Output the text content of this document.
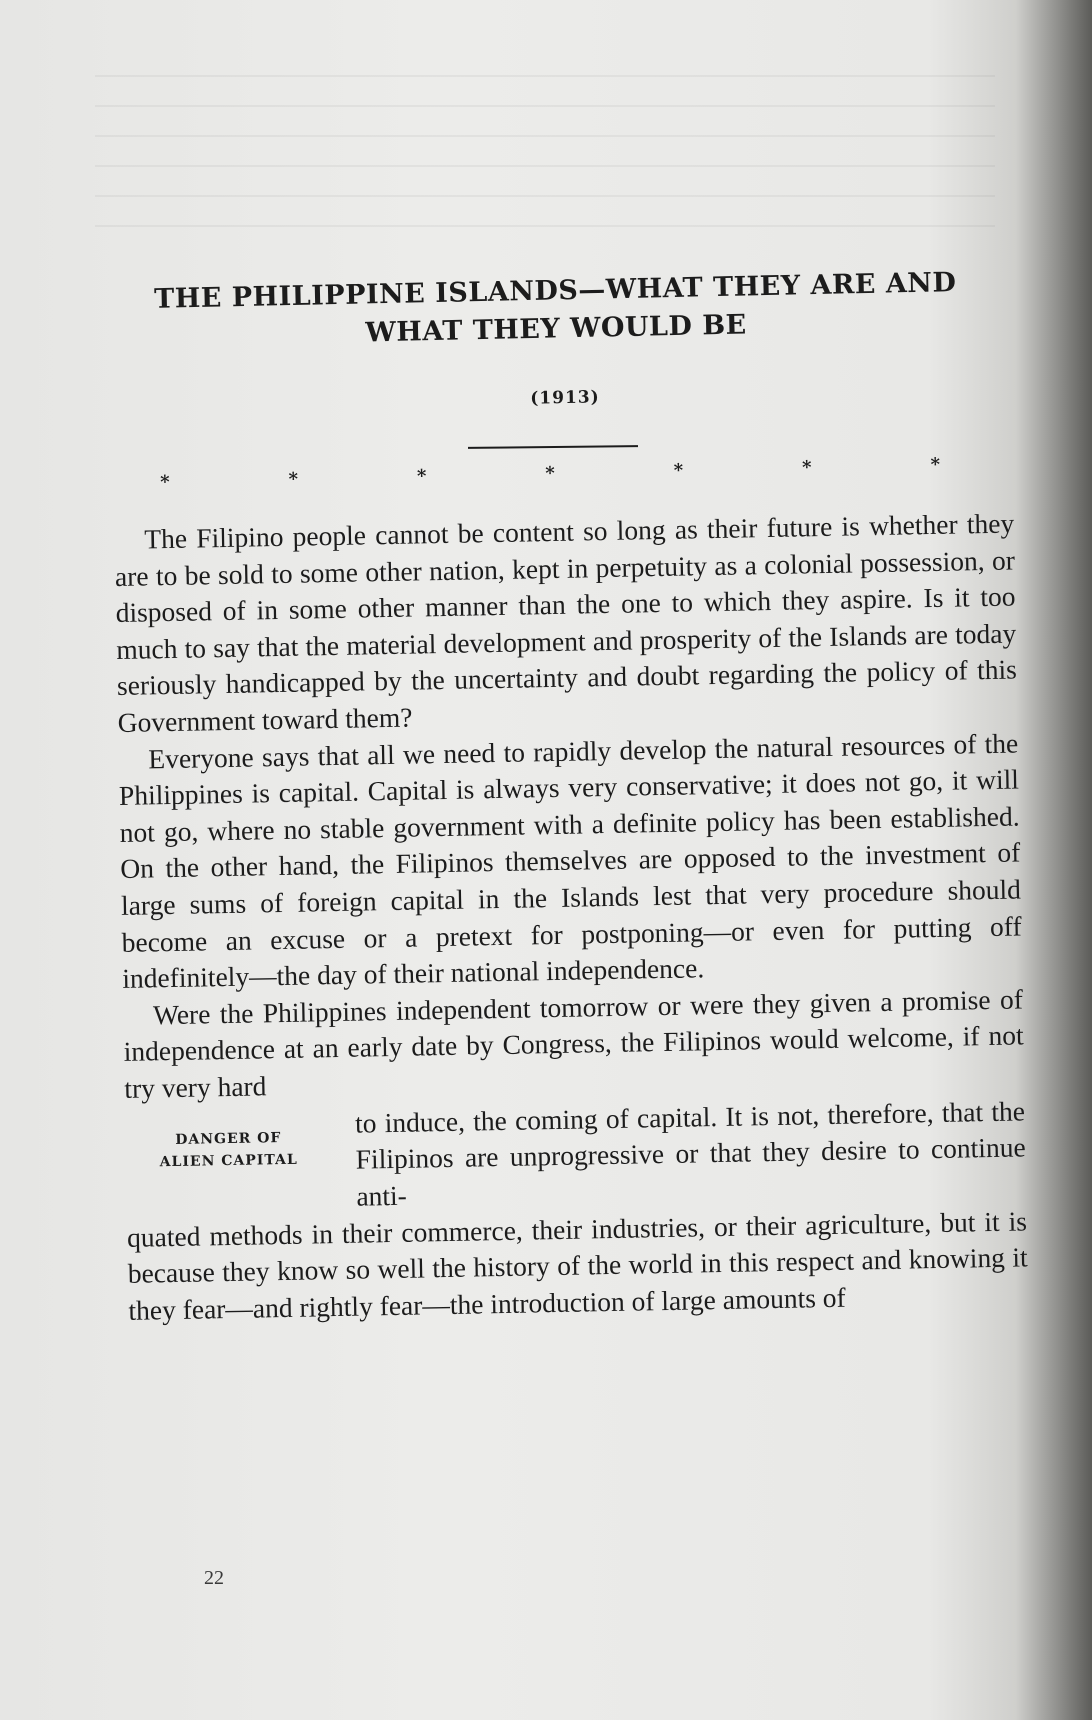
THE PHILIPPINE ISLANDS—WHAT THEY ARE AND
WHAT THEY WOULD BE
(1913)
*	*	*	*	*	*	*

The Filipino people cannot be content so long as their future is whether they are to be sold to some other nation, kept in perpetuity as a colonial possession, or disposed of in some other manner than the one to which they aspire. Is it too much to say that the material development and prosperity of the Islands are today seriously handicapped by the uncertainty and doubt regarding the policy of this Government toward them?

Everyone says that all we need to rapidly develop the natural resources of the Philippines is capital. Capital is always very conservative; it does not go, it will not go, where no stable government with a definite policy has been established. On the other hand, the Filipinos themselves are opposed to the investment of large sums of foreign capital in the Islands lest that very procedure should become an excuse or a pretext for postponing—or even for putting off indefinitely—the day of their national independence.

Were the Philippines independent tomorrow or were they given a promise of independence at an early date by Congress, the Filipinos would welcome, if not try very hard

DANGER OF
ALIEN CAPITAL
to induce, the coming of capital. It is not, therefore, that the Filipinos are unprogressive or that they desire to continue anti-
quated methods in their commerce, their industries, or their agriculture, but it is because they know so well the history of the world in this respect and knowing it they fear—and rightly fear—the introduction of large amounts of
22
